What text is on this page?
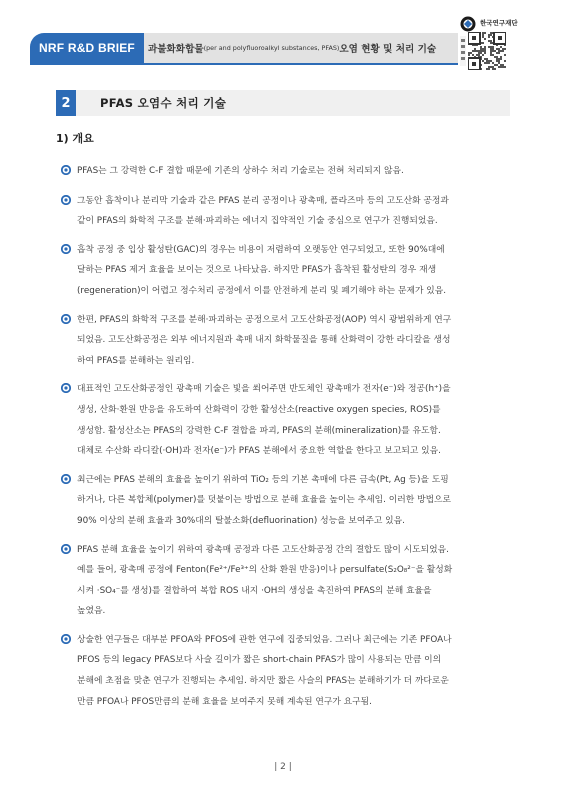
NRF R&D BRIEF	과불화화합물 (per and polyfluoroalkyl substances, PFAS) 오염 현황 및 처리 기술
한국연구재단
2	PFAS 오염수 처리 기술
1) 개요
PFAS는 그 강력한 C-F 결합 때문에 기존의 상하수 처리 기술로는 전혀 처리되지 않음.
그동안 흡착이나 분리막 기술과 같은 PFAS 분리 공정이나 광촉매, 플라즈마 등의 고도산화 공정과
같이 PFAS의 화학적 구조를 분해·파괴하는 에너지 집약적인 기술 중심으로 연구가 진행되었음.
흡착 공정 중 입상 활성탄(GAC)의 경우는 비용이 저렴하여 오랫동안 연구되었고, 또한 90%대에
달하는 PFAS 제거 효율을 보이는 것으로 나타났음. 하지만 PFAS가 흡착된 활성탄의 경우 재생
(regeneration)이 어렵고 정수처리 공정에서 이를 안전하게 분리 및 폐기해야 하는 문제가 있음.
한편, PFAS의 화학적 구조를 분해·파괴하는 공정으로서 고도산화공정(AOP) 역시 광범위하게 연구
되었음. 고도산화공정은 외부 에너지원과 촉매 내지 화학물질을 통해 산화력이 강한 라디칼을 생성
하여 PFAS를 분해하는 원리임.
대표적인 고도산화공정인 광촉매 기술은 빛을 쐬어주면 반도체인 광촉매가 전자(e⁻)와 정공(h⁺)을
생성, 산화·환원 반응을 유도하여 산화력이 강한 활성산소(reactive oxygen species, ROS)를
생성함. 활성산소는 PFAS의 강력한 C-F 결합을 파괴, PFAS의 분해(mineralization)를 유도함.
대체로 수산화 라디칼(·OH)과 전자(e⁻)가 PFAS 분해에서 중요한 역할을 한다고 보고되고 있음.
최근에는 PFAS 분해의 효율을 높이기 위하여 TiO₂ 등의 기본 촉매에 다른 금속(Pt, Ag 등)을 도핑
하거나, 다른 복합체(polymer)를 덧붙이는 방법으로 분해 효율을 높이는 추세임. 이러한 방법으로
90% 이상의 분해 효율과 30%대의 탈불소화(defluorination) 성능을 보여주고 있음.
PFAS 분해 효율을 높이기 위하여 광촉매 공정과 다른 고도산화공정 간의 결합도 많이 시도되었음.
예를 들어, 광촉매 공정에 Fenton(Fe²⁺/Fe³⁺의 산화 환원 반응)이나 persulfate(S₂O₈²⁻을 활성화
시켜 ·SO₄⁻를 생성)를 결합하여 복합 ROS 내지 ·OH의 생성을 촉진하여 PFAS의 분해 효율을
높였음.
상술한 연구들은 대부분 PFOA와 PFOS에 관한 연구에 집중되었음. 그러나 최근에는 기존 PFOA나
PFOS 등의 legacy PFAS보다 사슬 길이가 짧은 short-chain PFAS가 많이 사용되는 만큼 이의
분해에 초점을 맞춘 연구가 진행되는 추세임. 하지만 짧은 사슬의 PFAS는 분해하기가 더 까다로운
만큼 PFOA나 PFOS만큼의 분해 효율을 보여주지 못해 계속된 연구가 요구됨.
| 2 |
